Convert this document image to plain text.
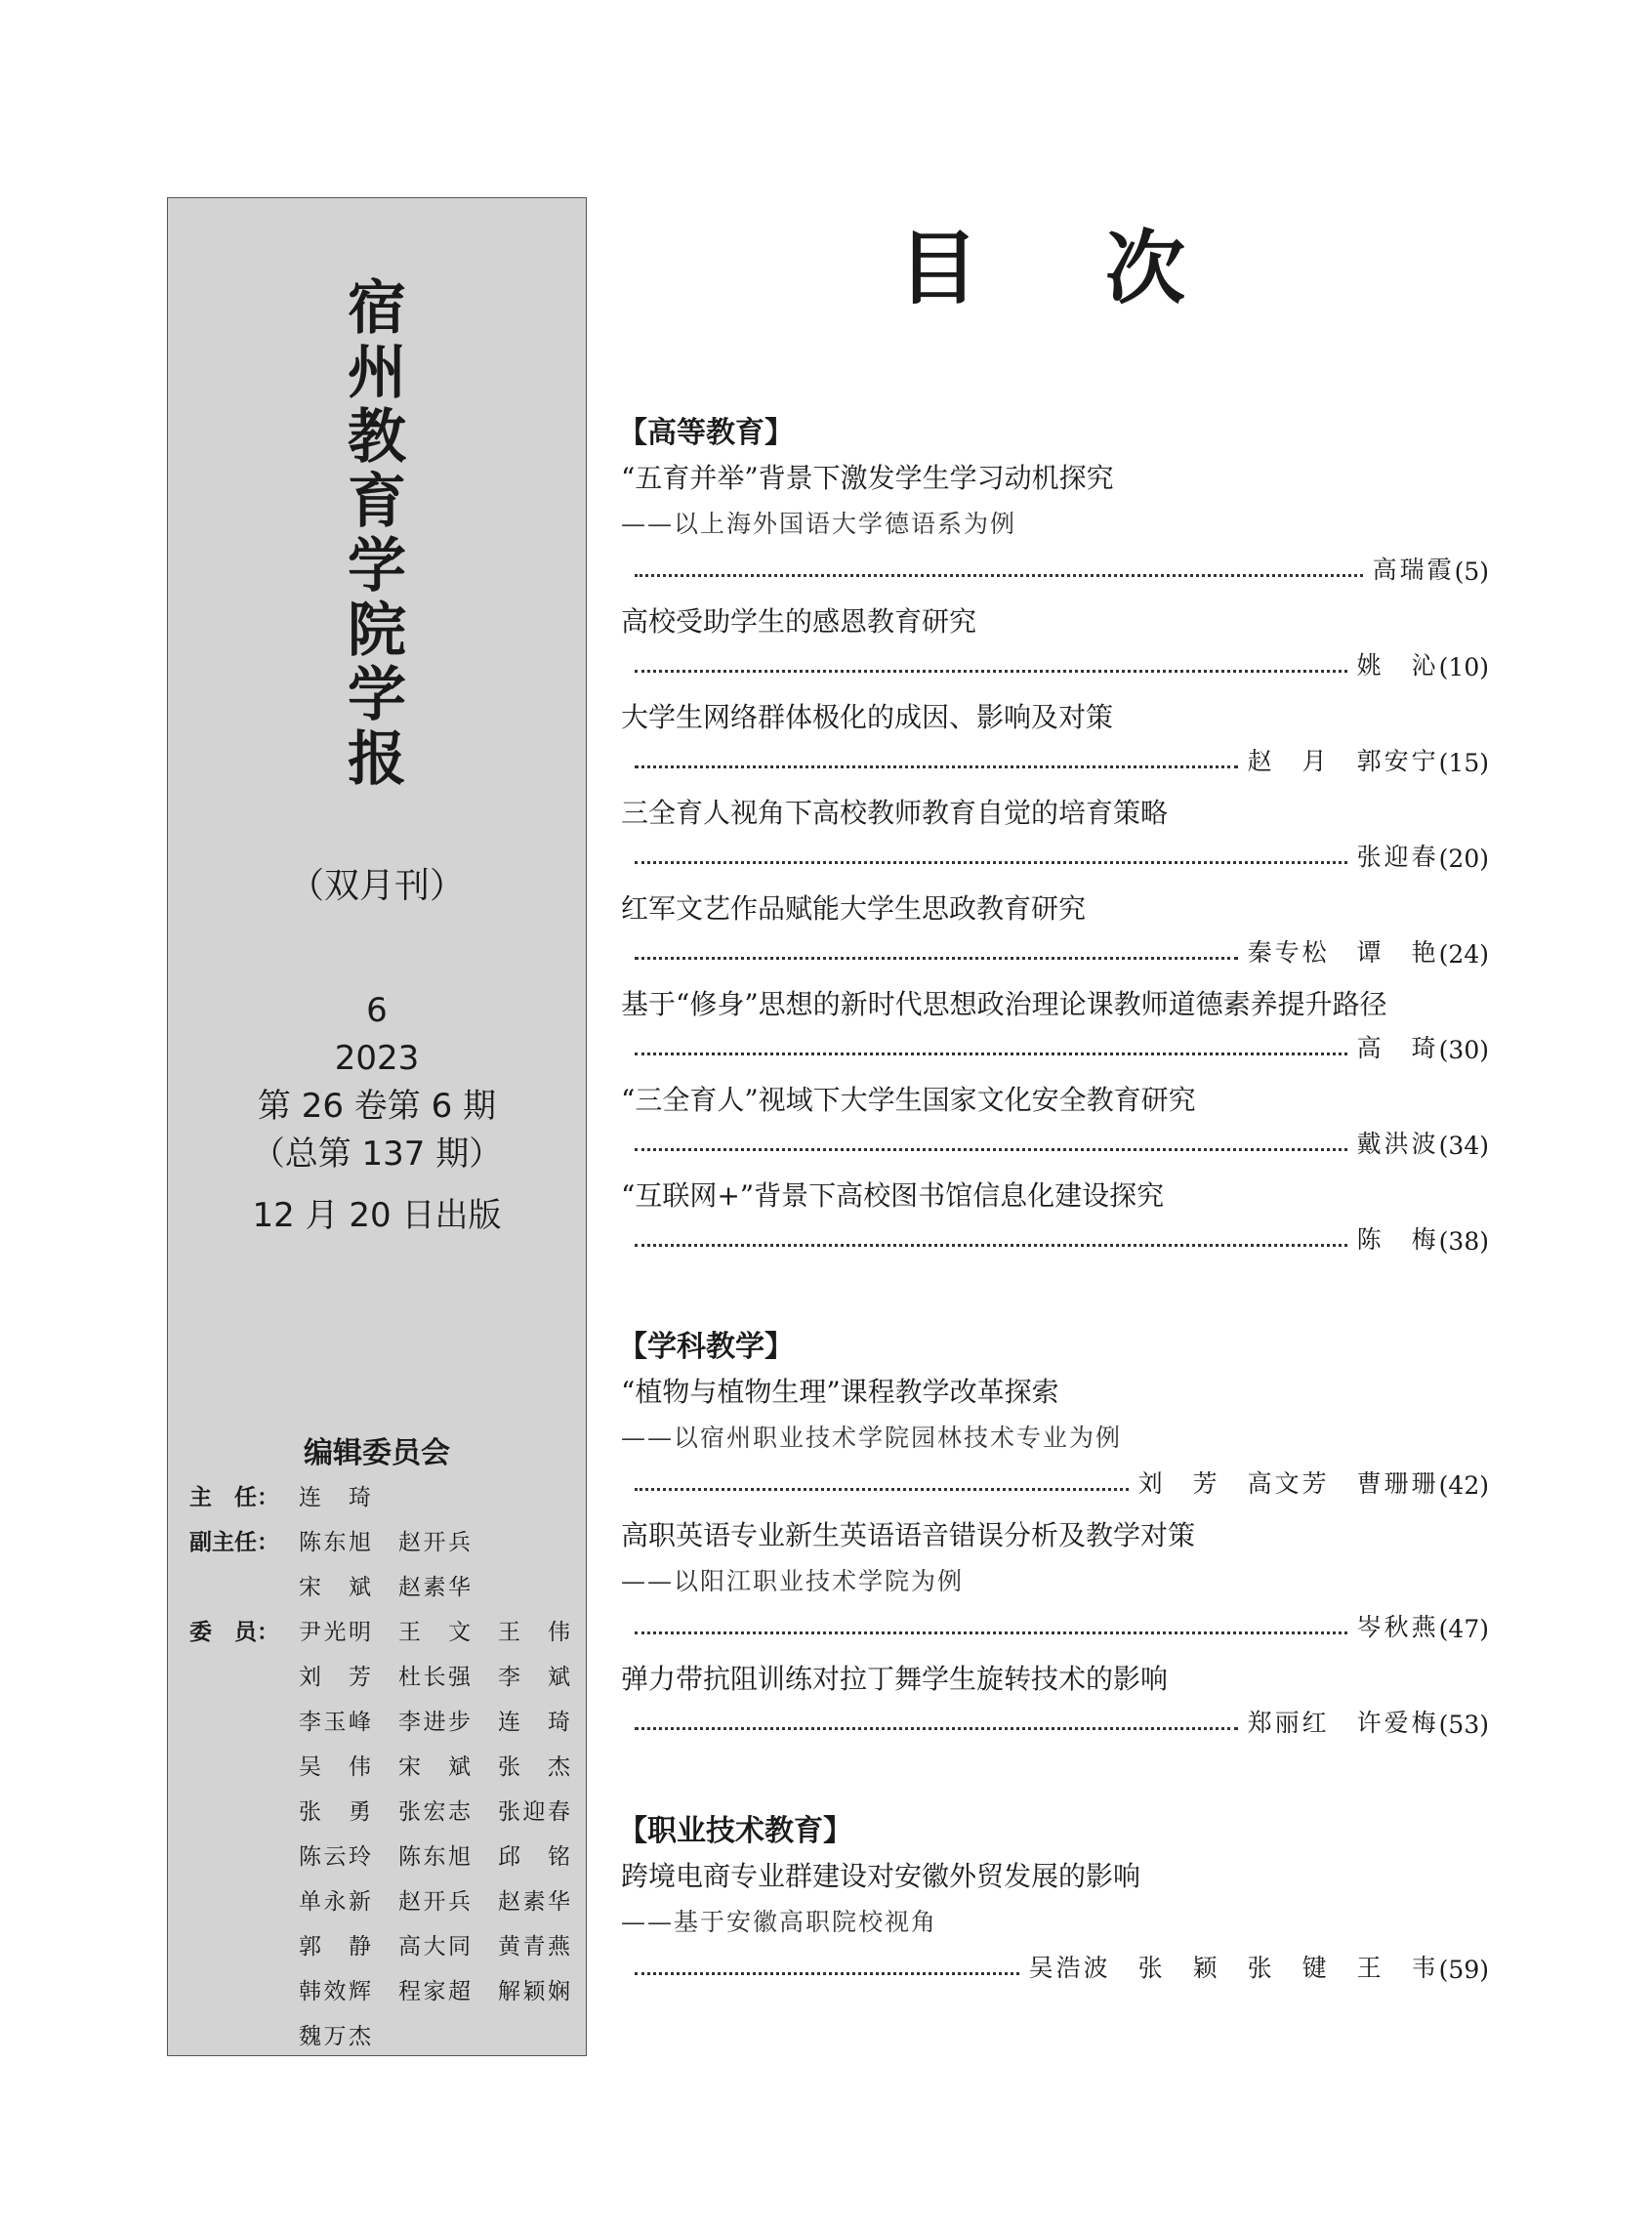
宿
州
教
育
学
院
学
报
（双月刊）
6
2023
第 26 卷第 6 期
（总第 137 期）
12 月 20 日出版
编辑委员会
主　任： 连　琦
副主任： 陈东旭 赵开兵
宋　斌 赵素华
委　员： 尹光明 王　文 王　伟
刘　芳 杜长强 李　斌
李玉峰 李进步 连　琦
吴　伟 宋　斌 张　杰
张　勇 张宏志 张迎春
陈云玲 陈东旭 邱　铭
单永新 赵开兵 赵素华
郭　静 高大同 黄青燕
韩效辉 程家超 解颖娴
魏万杰
目次
【高等教育】
“五育并举”背景下激发学生学习动机探究
——以上海外国语大学德语系为例
高瑞霞 (5)
高校受助学生的感恩教育研究
姚　沁 (10)
大学生网络群体极化的成因、影响及对策
赵　月　郭安宁 (15)
三全育人视角下高校教师教育自觉的培育策略
张迎春 (20)
红军文艺作品赋能大学生思政教育研究
秦专松　谭　艳 (24)
基于“修身”思想的新时代思想政治理论课教师道德素养提升路径
高　琦 (30)
“三全育人”视域下大学生国家文化安全教育研究
戴洪波 (34)
“互联网+”背景下高校图书馆信息化建设探究
陈　梅 (38)
【学科教学】
“植物与植物生理”课程教学改革探索
——以宿州职业技术学院园林技术专业为例
刘　芳　高文芳　曹珊珊 (42)
高职英语专业新生英语语音错误分析及教学对策
——以阳江职业技术学院为例
岑秋燕 (47)
弹力带抗阻训练对拉丁舞学生旋转技术的影响
郑丽红　许爱梅 (53)
【职业技术教育】
跨境电商专业群建设对安徽外贸发展的影响
——基于安徽高职院校视角
吴浩波　张　颖　张　键　王　韦 (59)
